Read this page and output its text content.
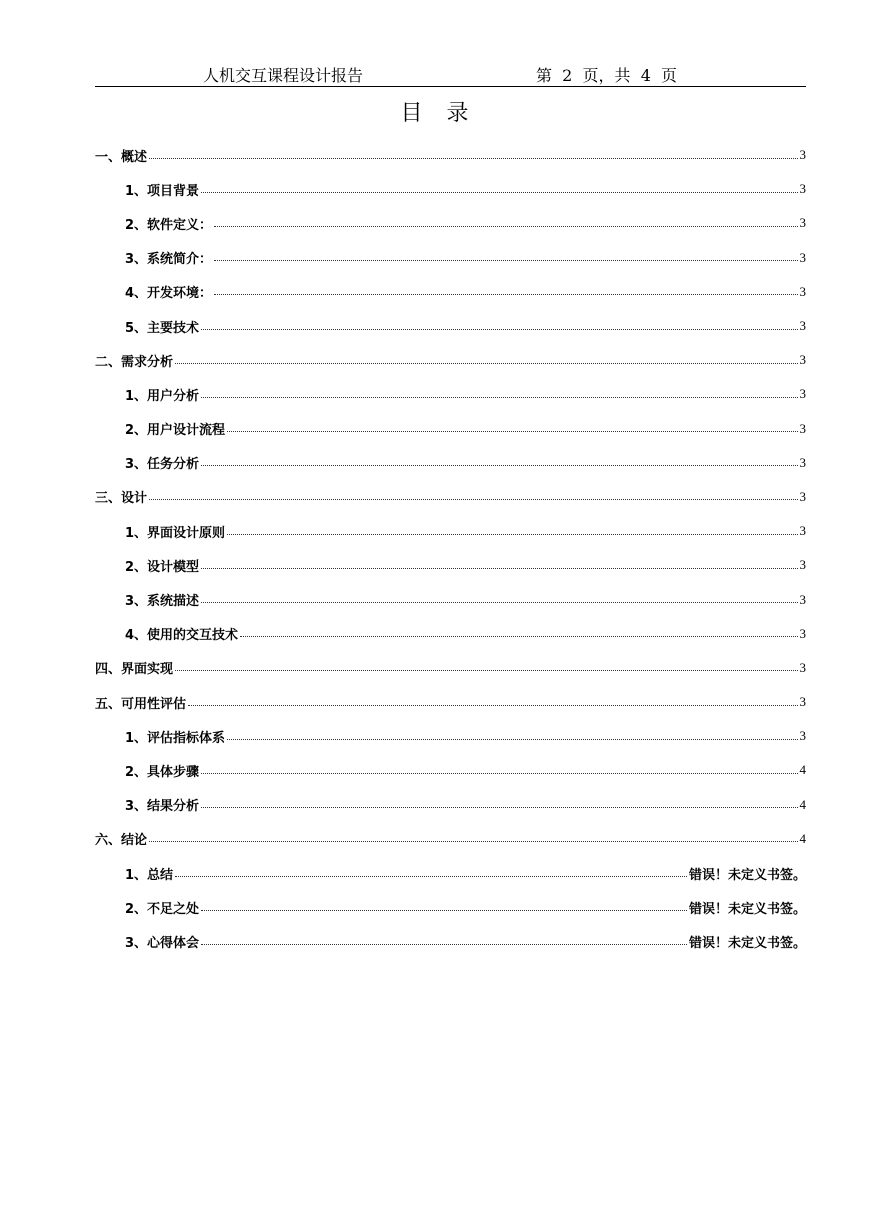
人机交互课程设计报告	第  2  页，共  4  页
目录
一、概述	3
1、项目背景	3
2、软件定义：	3
3、系统简介：	3
4、开发环境：	3
5、主要技术	3
二、需求分析	3
1、用户分析	3
2、用户设计流程	3
3、任务分析	3
三、设计	3
1、界面设计原则	3
2、设计模型	3
3、系统描述	3
4、使用的交互技术	3
四、界面实现	3
五、可用性评估	3
1、评估指标体系	3
2、具体步骤	4
3、结果分析	4
六、结论	4
1、总结	错误！未定义书签。
2、不足之处	错误！未定义书签。
3、心得体会	错误！未定义书签。
